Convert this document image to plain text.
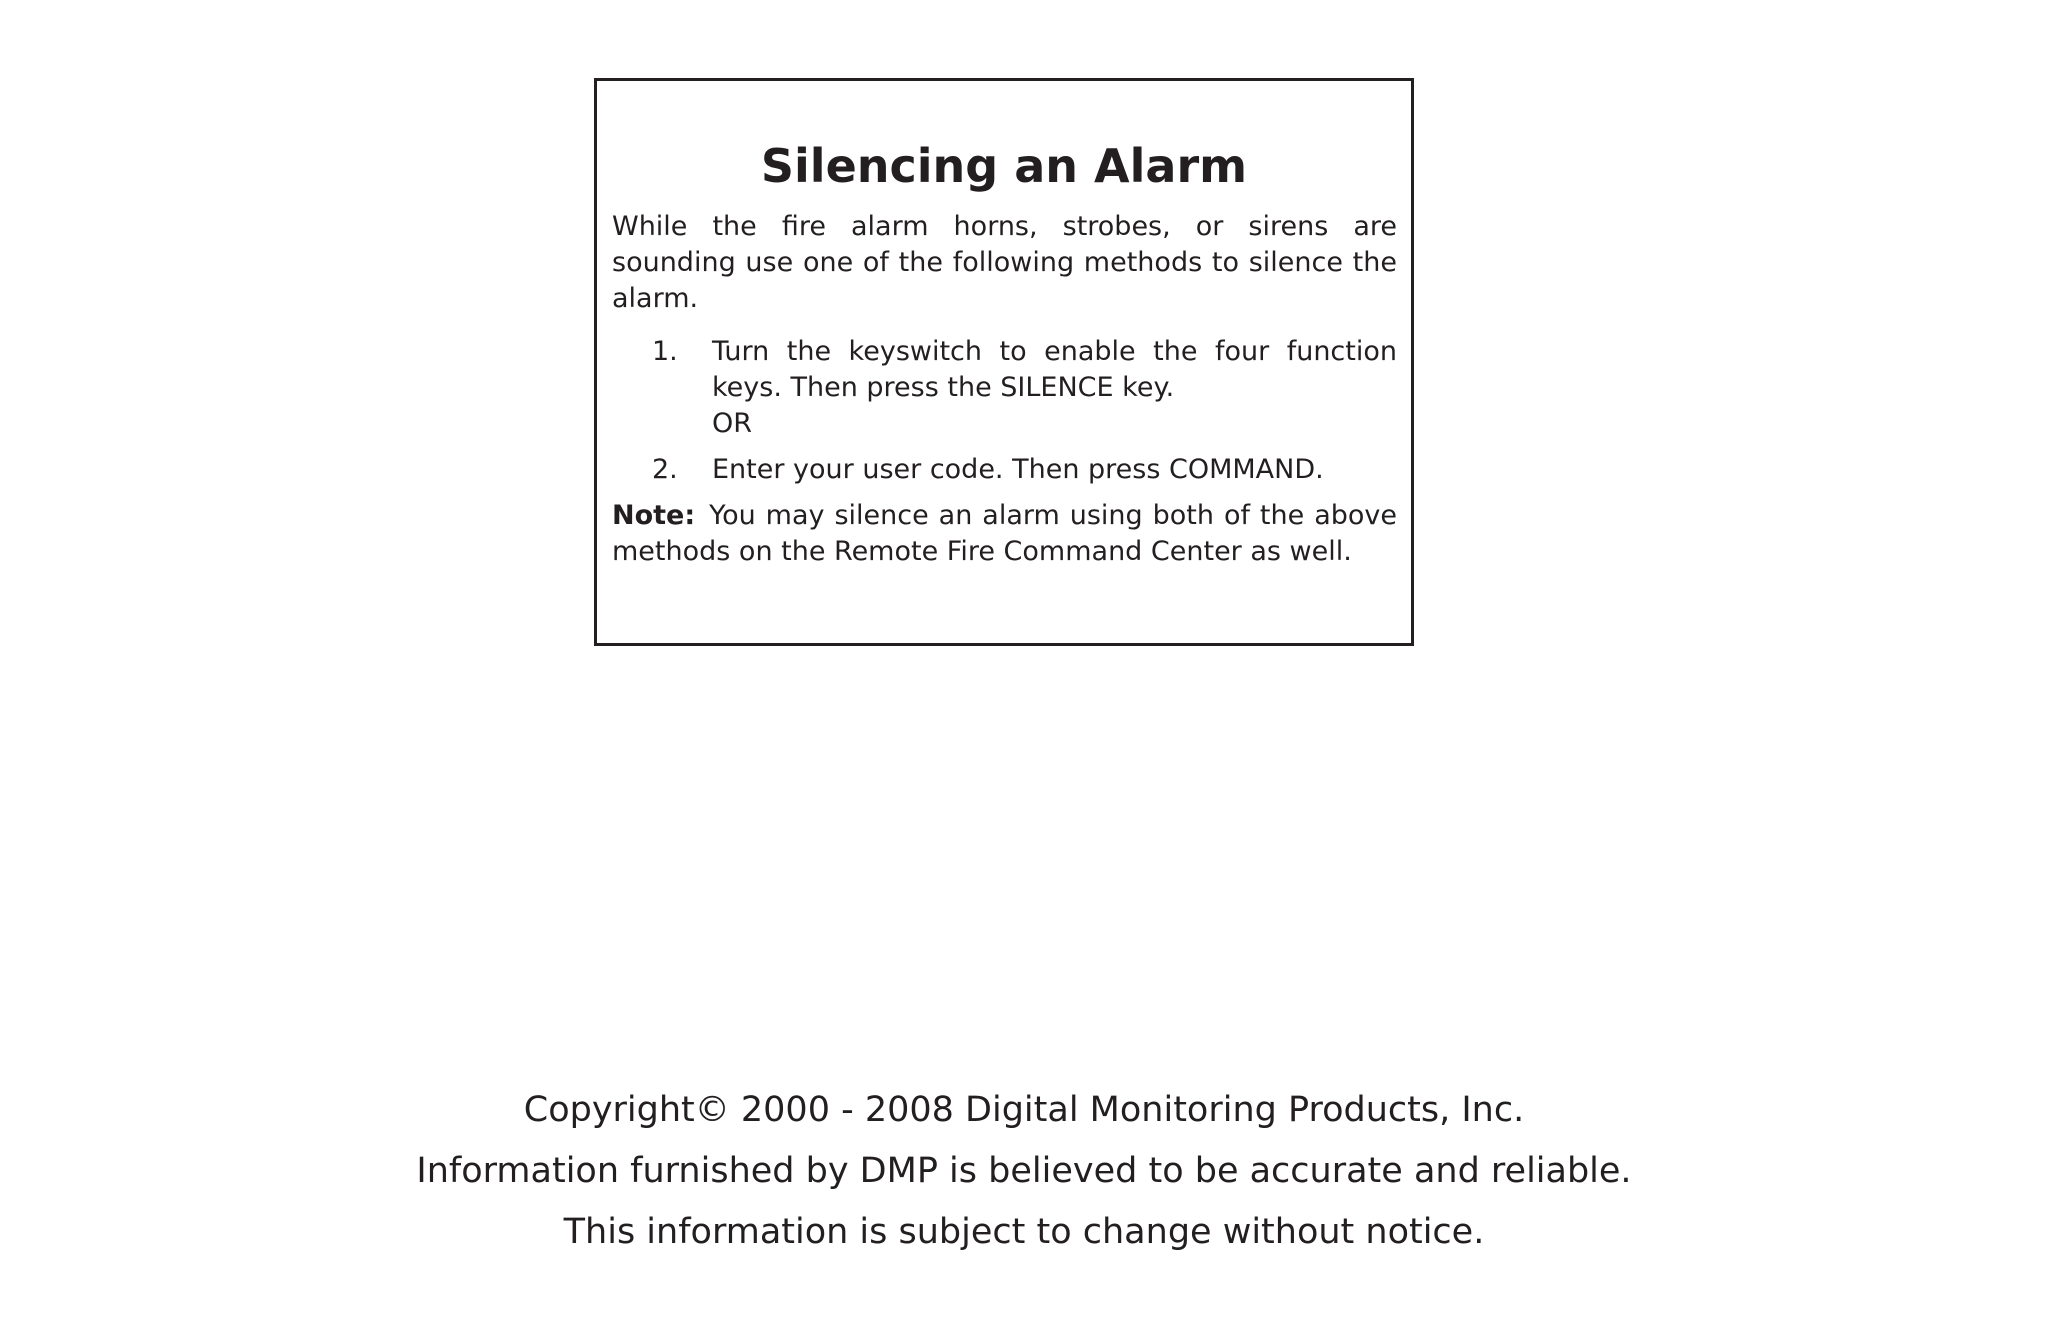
Silencing an Alarm

While the fire alarm horns, strobes, or sirens are sounding use one of the following methods to silence the alarm.

1. Turn the keyswitch to enable the four function keys. Then press the SILENCE key.
OR
2. Enter your user code. Then press COMMAND.

Note: You may silence an alarm using both of the above methods on the Remote Fire Command Center as well.

Copyright© 2000 - 2008 Digital Monitoring Products, Inc.
Information furnished by DMP is believed to be accurate and reliable.
This information is subject to change without notice.
